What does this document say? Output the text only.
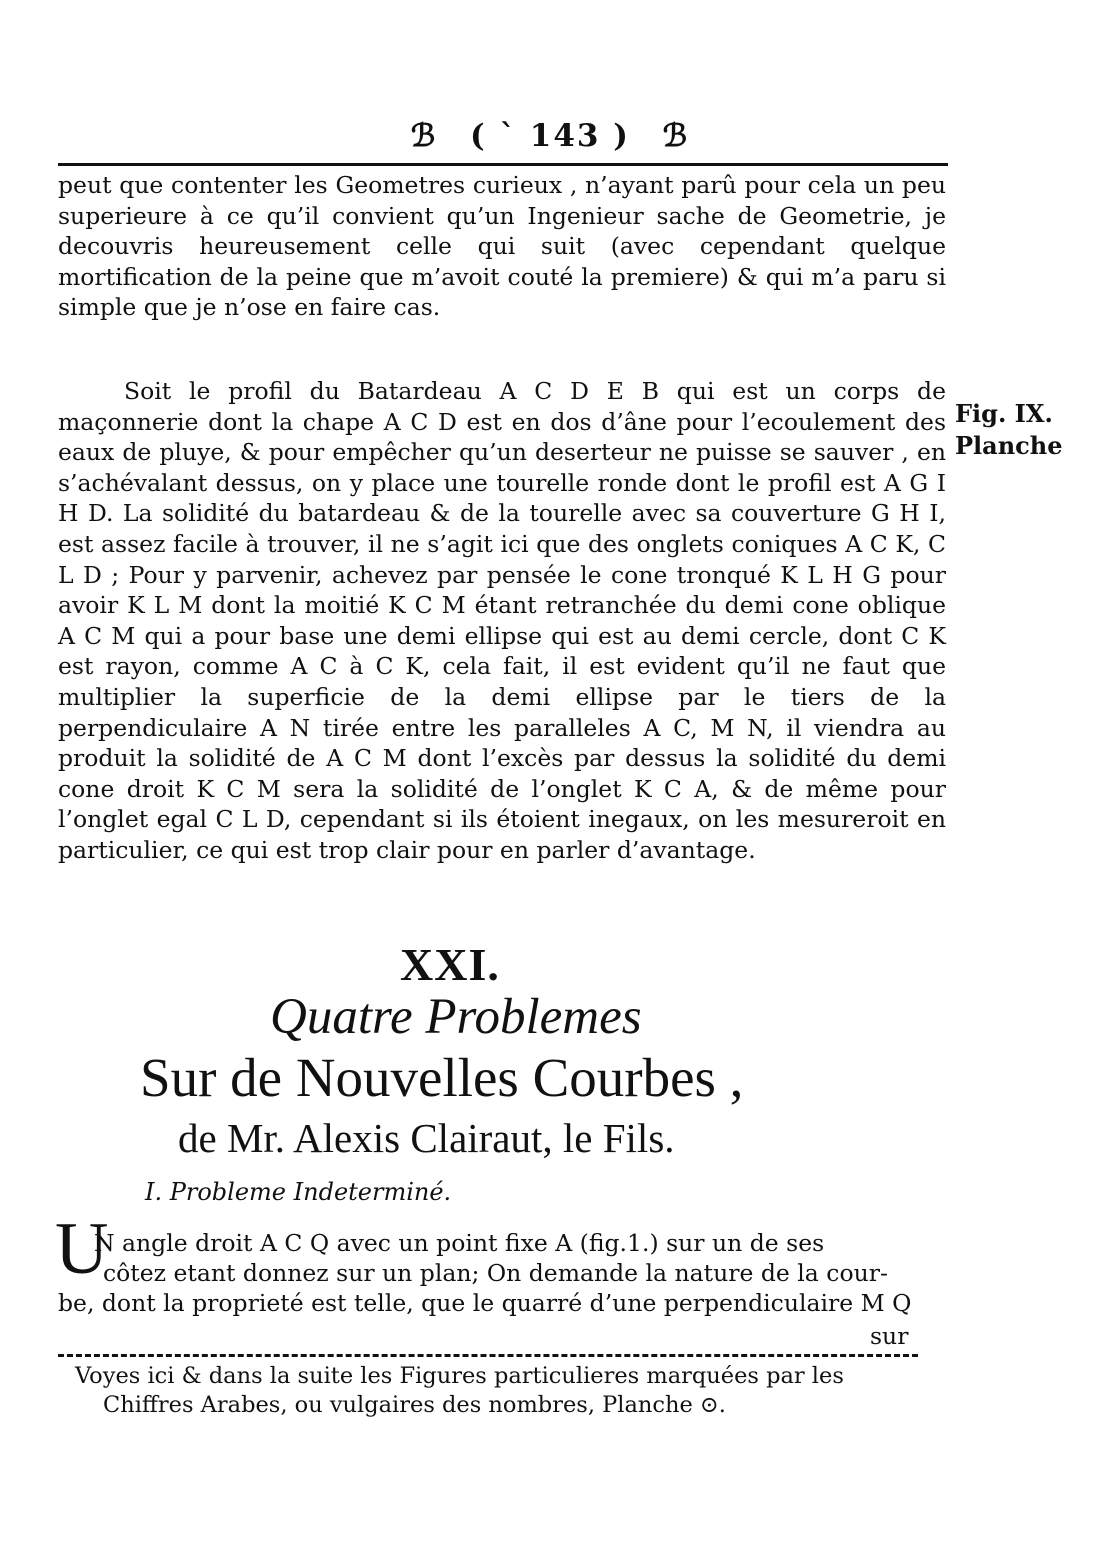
ℬ ( ˋ 143 ) ℬ

peut que contenter les Geometres curieux , n’ayant parû pour cela un peu superieure à ce qu’il convient qu’un Ingenieur sache de Geometrie, je decouvris heureusement celle qui suit (avec cependant quelque mortification de la peine que m’avoit couté la premiere) & qui m’a paru si simple que je n’ose en faire cas.

Soit le profil du Batardeau A C D E B qui est un corps de maçonnerie dont la chape A C D est en dos d’âne pour l’ecoulement des eaux de pluye, & pour empêcher qu’un deserteur ne puisse se sauver , en s’achévalant dessus, on y place une tourelle ronde dont le profil est A G I H D. La solidité du batardeau & de la tourelle avec sa couverture G H I, est assez facile à trouver, il ne s’agit ici que des onglets coniques A C K, C L D ; Pour y parvenir, achevez par pensée le cone tronqué K L H G pour avoir K L M dont la moitié K C M étant retranchée du demi cone oblique A C M qui a pour base une demi ellipse qui est au demi cercle, dont C K est rayon, comme A C à C K, cela fait, il est evident qu’il ne faut que multiplier la superficie de la demi ellipse par le tiers de la perpendiculaire A N tirée entre les paralleles A C, M N, il viendra au produit la solidité de A C M dont l’excès par dessus la solidité du demi cone droit K C M sera la solidité de l’onglet K C A, & de même pour l’onglet egal C L D, cependant si ils étoient inegaux, on les mesureroit en particulier, ce qui est trop clair pour en parler d’avantage.

Fig. IX.
Planche
XXI.
Quatre Problemes
Sur de Nouvelles Courbes ,
de Mr. Alexis Clairaut, le Fils.
I. Probleme Indeterminé.
U
N angle droit A C Q avec un point fixe A (fig.1.) sur un de ses
côtez etant donnez sur un plan; On demande la nature de la cour-
be, dont la proprieté est telle, que le quarré d’une perpendiculaire M Q
sur
Voyes ici & dans la suite les Figures particulieres marquées par les
Chiffres Arabes, ou vulgaires des nombres, Planche ⊙.
